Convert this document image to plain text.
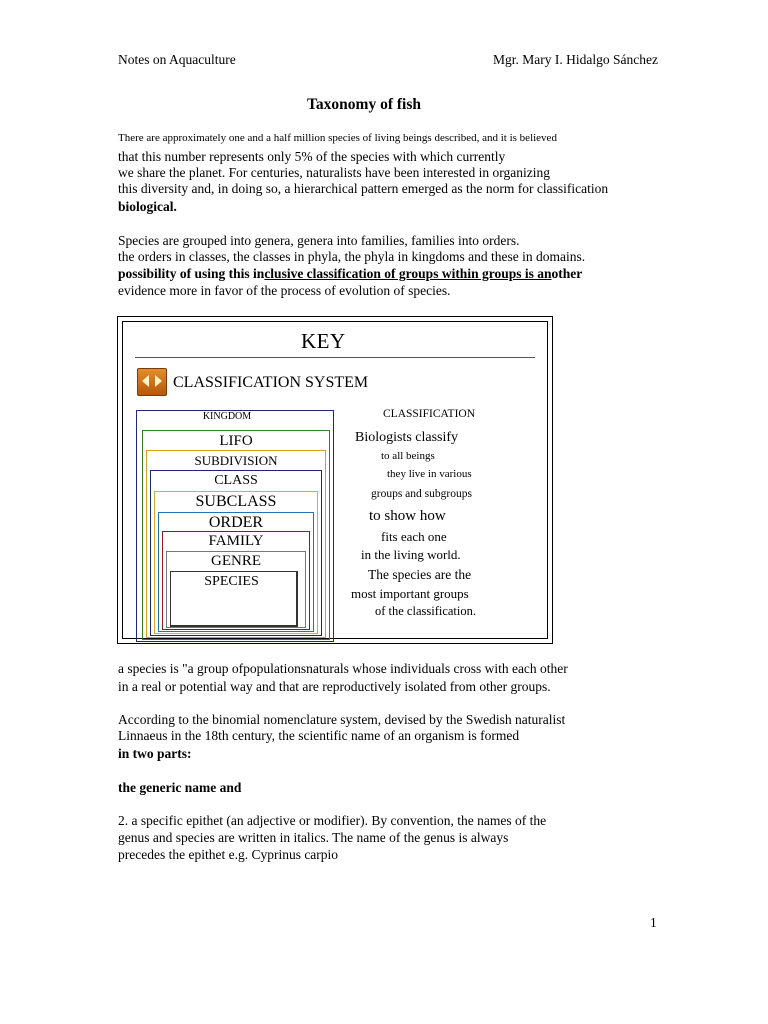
Notes on Aquaculture	Mgr. Mary I. Hidalgo Sánchez
Taxonomy of fish
There are approximately one and a half million species of living beings described, and it is believed
that this number represents only 5% of the species with which currently
we share the planet. For centuries, naturalists have been interested in organizing
this diversity and, in doing so, a hierarchical pattern emerged as the norm for classification
biological.
Species are grouped into genera, genera into families, families into orders.
the orders in classes, the classes in phyla, the phyla in kingdoms and these in domains.
possibility of using this inclusive classification of groups within groups is another
evidence more in favor of the process of evolution of species.
KEY
CLASSIFICATION SYSTEM
KINGDOM
LIFO
SUBDIVISION
CLASS
SUBCLASS
ORDER
FAMILY
GENRE
SPECIES
CLASSIFICATION
Biologists classify
to all beings
they live in various
groups and subgroups
to show how
fits each one
in the living world.
The species are the
most important groups
of the classification.
a species is "a group ofpopulationsnaturals whose individuals cross with each other
in a real or potential way and that are reproductively isolated from other groups.
According to the binomial nomenclature system, devised by the Swedish naturalist
Linnaeus in the 18th century, the scientific name of an organism is formed
in two parts:
the generic name and
2. a specific epithet (an adjective or modifier). By convention, the names of the
genus and species are written in italics. The name of the genus is always
precedes the epithet e.g. Cyprinus carpio
1
